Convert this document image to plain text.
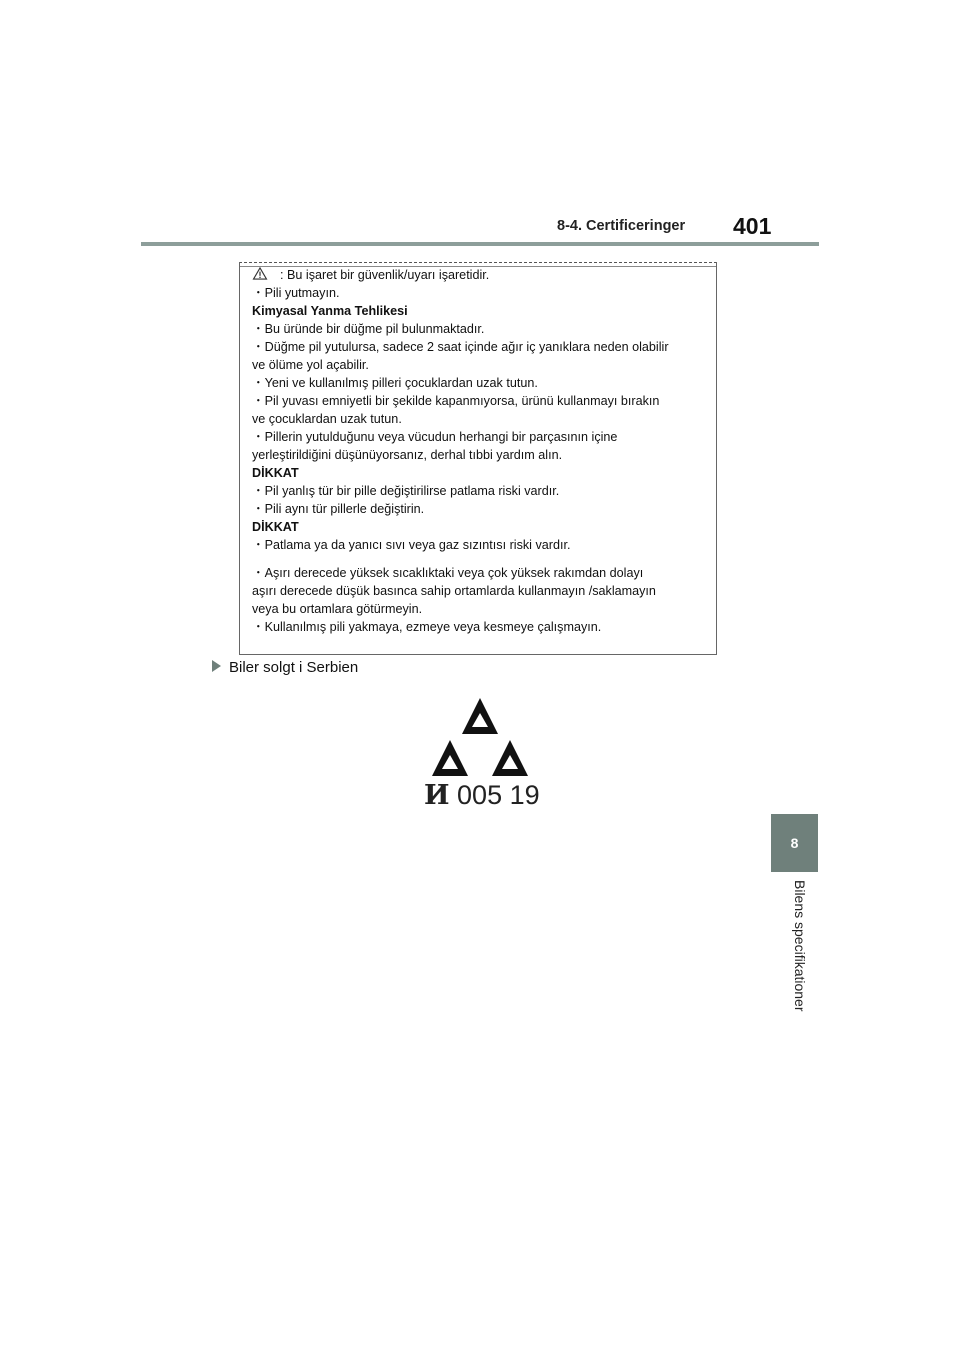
8-4. Certificeringer 401
8
Bilens specifikationer
: Bu işaret bir güvenlik/uyarı işaretidir.
・Pili yutmayın.
Kimyasal Yanma Tehlikesi
・Bu üründe bir düğme pil bulunmaktadır.
・Düğme pil yutulursa, sadece 2 saat içinde ağır iç yanıklara neden olabilir
ve ölüme yol açabilir.
・Yeni ve kullanılmış pilleri çocuklardan uzak tutun.
・Pil yuvası emniyetli bir şekilde kapanmıyorsa, ürünü kullanmayı bırakın
ve çocuklardan uzak tutun.
・Pillerin yutulduğunu veya vücudun herhangi bir parçasının içine
yerleştirildiğini düşünüyorsanız, derhal tıbbi yardım alın.
DİKKAT
・Pil yanlış tür bir pille değiştirilirse patlama riski vardır.
・Pili aynı tür pillerle değiştirin.
DİKKAT
・Patlama ya da yanıcı sıvı veya gaz sızıntısı riski vardır.
・Aşırı derecede yüksek sıcaklıktaki veya çok yüksek rakımdan dolayı
aşırı derecede düşük basınca sahip ortamlarda kullanmayın /saklamayın
veya bu ortamlara götürmeyin.
・Kullanılmış pili yakmaya, ezmeye veya kesmeye çalışmayın.
Biler solgt i Serbien
И 005 19
